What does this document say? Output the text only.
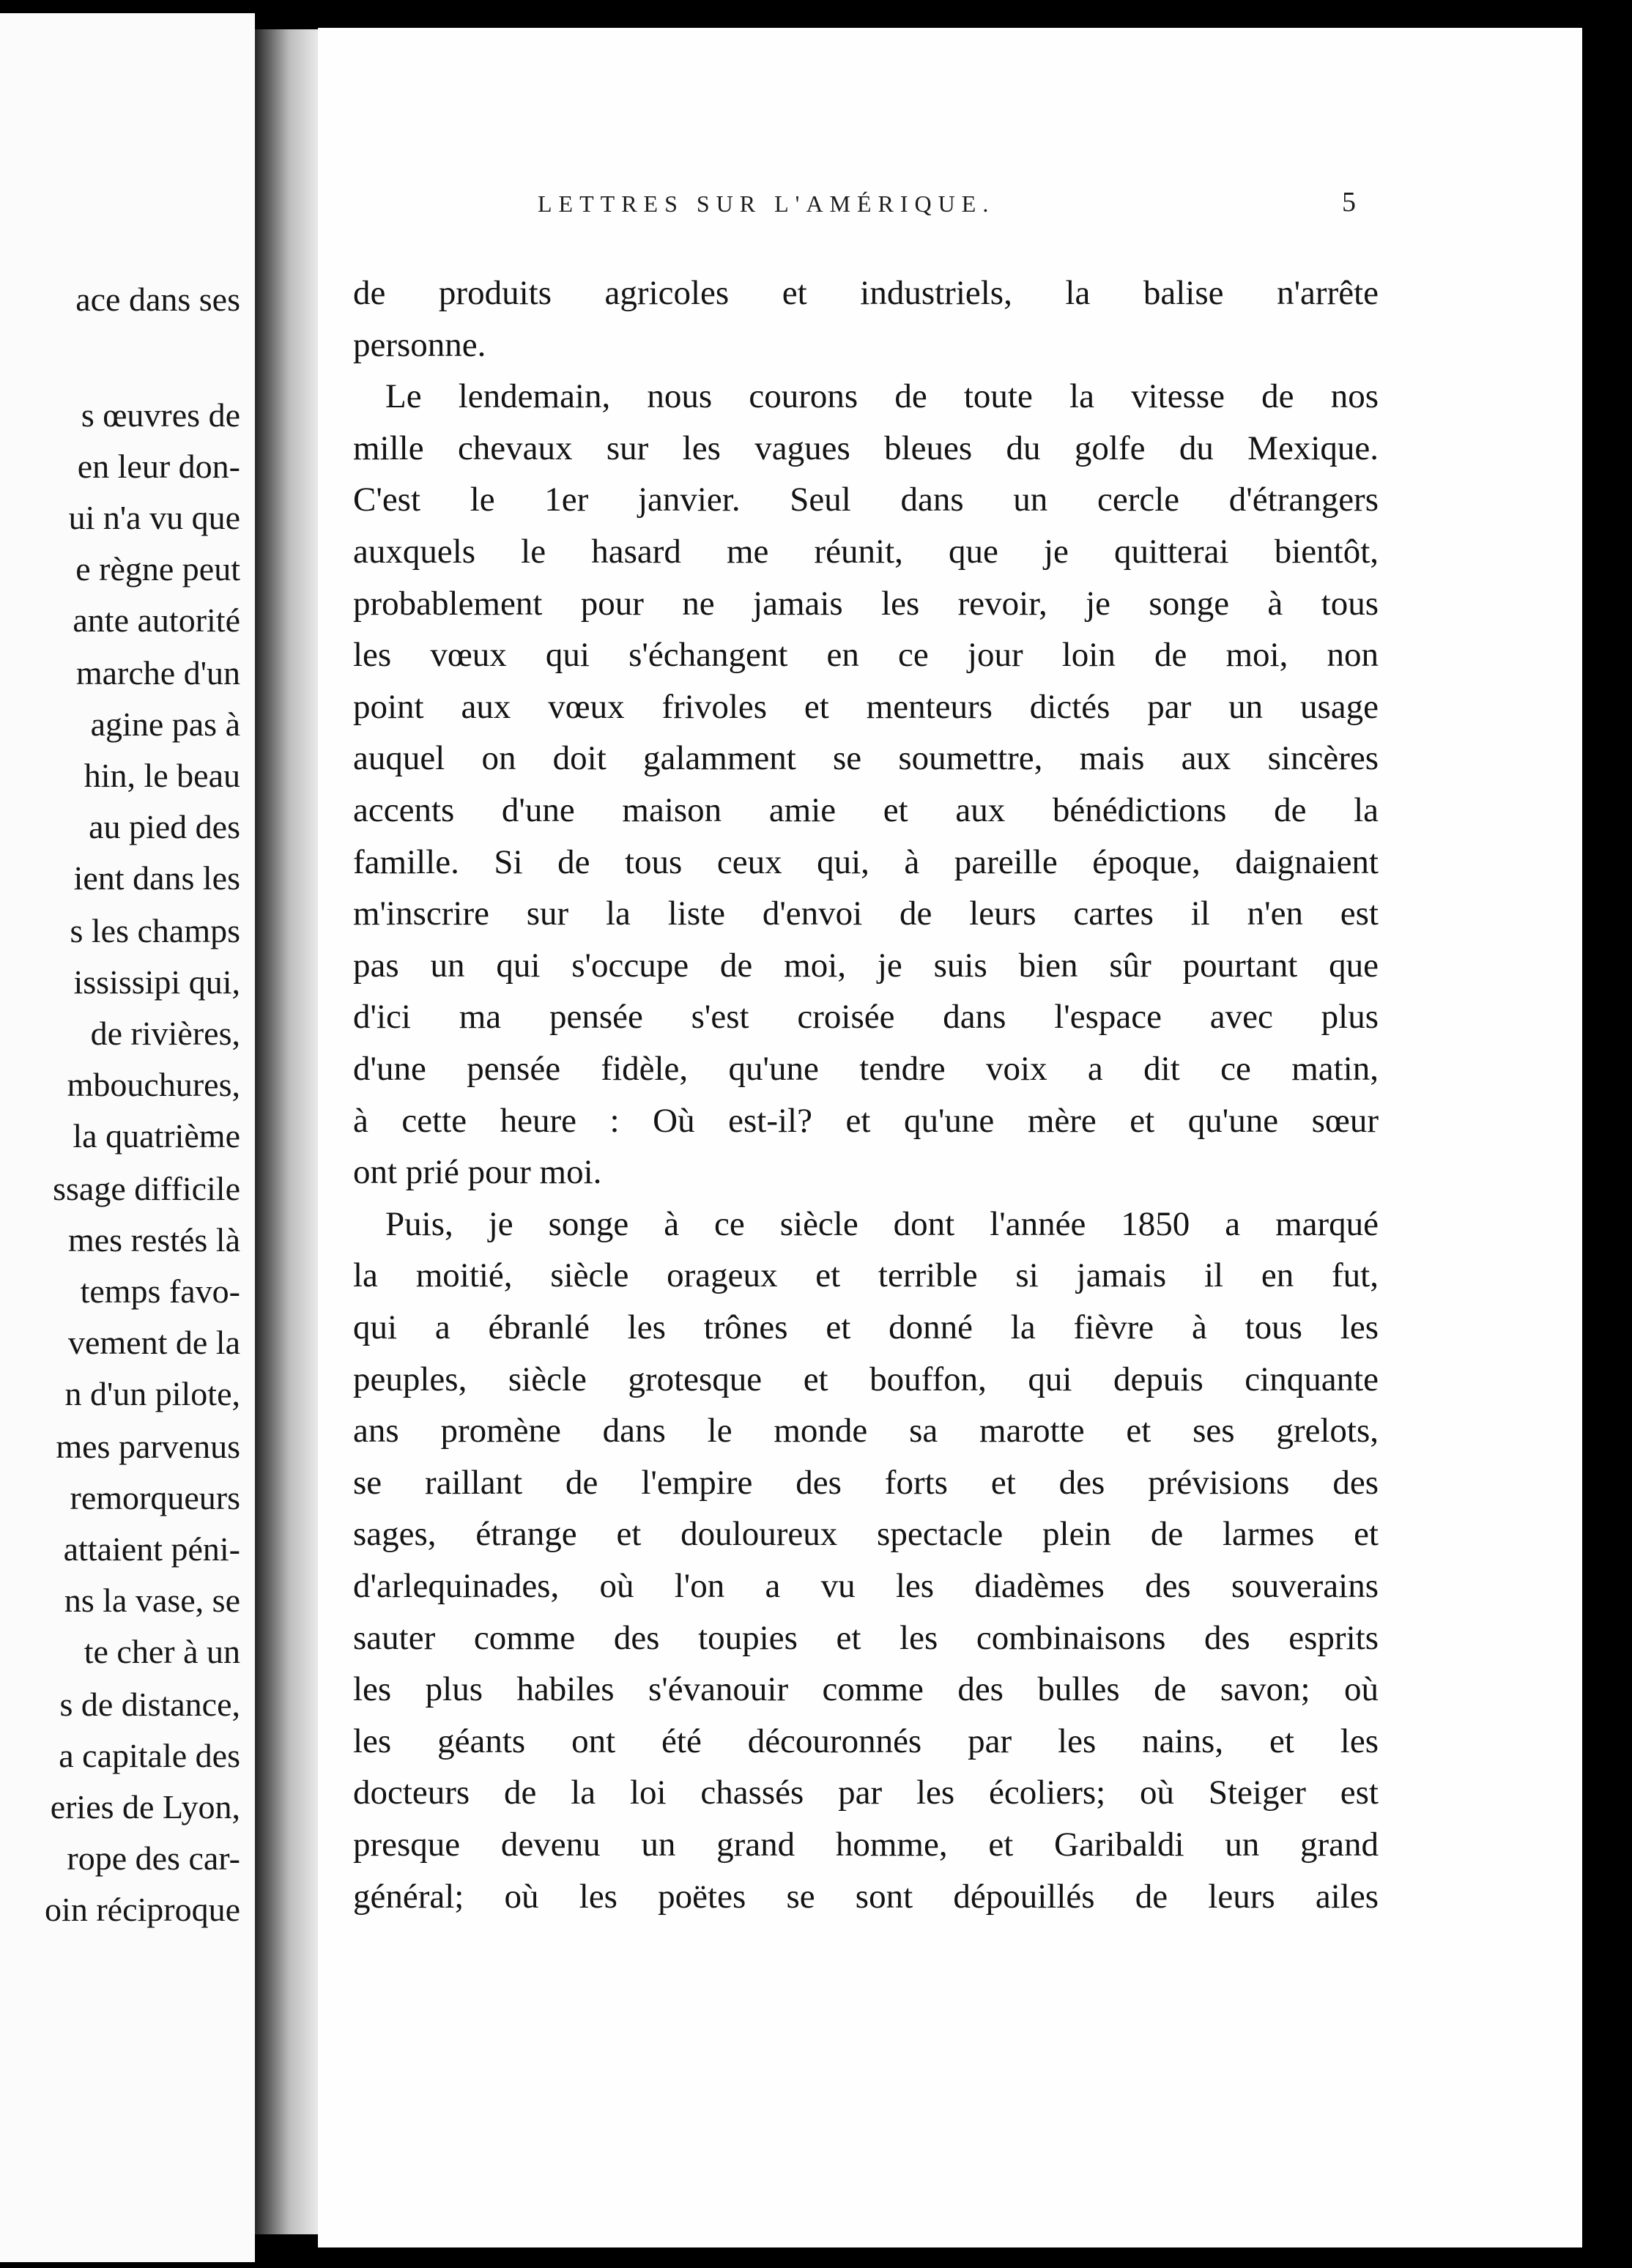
ace dans ses
s œuvres de
en leur don-
ui n'a vu que
e règne peut
ante autorité
marche d'un
agine pas à
hin, le beau
au pied des
ient dans les
s les champs
ississipi qui,
de rivières,
mbouchures,
la quatrième
ssage difficile
mes restés là
temps favo-
vement de la
n d'un pilote,
mes parvenus
remorqueurs
attaient péni-
ns la vase, se
te cher à un
s de distance,
a capitale des
eries de Lyon,
rope des car-
oin réciproque
LETTRES SUR L'AMÉRIQUE.	5
de produits agricoles et industriels, la balise n'arrête
personne.
Le lendemain, nous courons de toute la vitesse de nos
mille chevaux sur les vagues bleues du golfe du Mexique.
C'est le 1er janvier. Seul dans un cercle d'étrangers
auxquels le hasard me réunit, que je quitterai bientôt,
probablement pour ne jamais les revoir, je songe à tous
les vœux qui s'échangent en ce jour loin de moi, non
point aux vœux frivoles et menteurs dictés par un usage
auquel on doit galamment se soumettre, mais aux sincères
accents d'une maison amie et aux bénédictions de la
famille. Si de tous ceux qui, à pareille époque, daignaient
m'inscrire sur la liste d'envoi de leurs cartes il n'en est
pas un qui s'occupe de moi, je suis bien sûr pourtant que
d'ici ma pensée s'est croisée dans l'espace avec plus
d'une pensée fidèle, qu'une tendre voix a dit ce matin,
à cette heure : Où est-il? et qu'une mère et qu'une sœur
ont prié pour moi.
Puis, je songe à ce siècle dont l'année 1850 a marqué
la moitié, siècle orageux et terrible si jamais il en fut,
qui a ébranlé les trônes et donné la fièvre à tous les
peuples, siècle grotesque et bouffon, qui depuis cinquante
ans promène dans le monde sa marotte et ses grelots,
se raillant de l'empire des forts et des prévisions des
sages, étrange et douloureux spectacle plein de larmes et
d'arlequinades, où l'on a vu les diadèmes des souverains
sauter comme des toupies et les combinaisons des esprits
les plus habiles s'évanouir comme des bulles de savon; où
les géants ont été découronnés par les nains, et les
docteurs de la loi chassés par les écoliers; où Steiger est
presque devenu un grand homme, et Garibaldi un grand
général; où les poëtes se sont dépouillés de leurs ailes
